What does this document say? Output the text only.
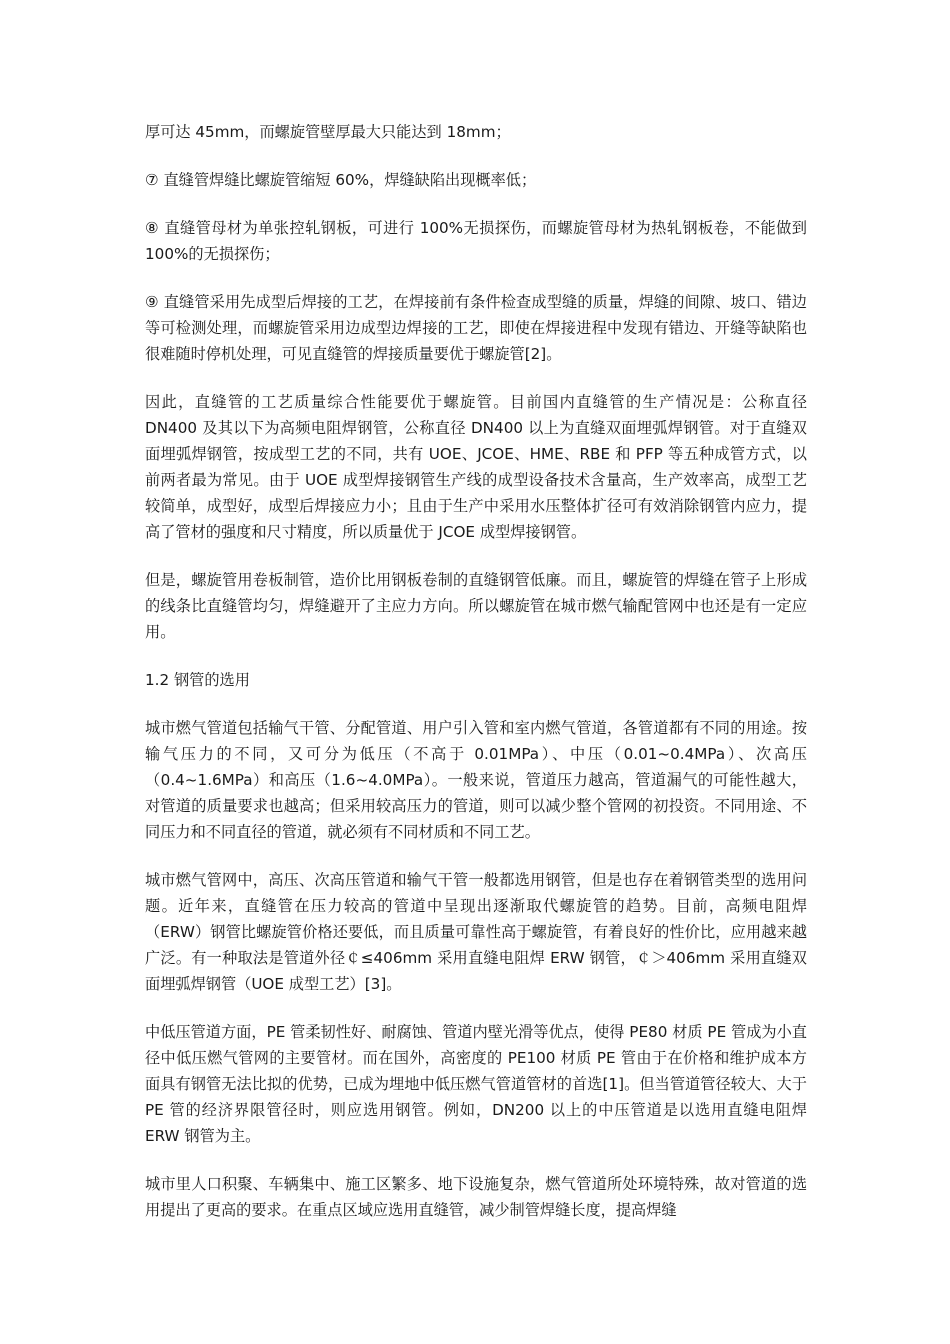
厚可达 45mm，而螺旋管壁厚最大只能达到 18mm；

⑦ 直缝管焊缝比螺旋管缩短 60%，焊缝缺陷出现概率低；

⑧ 直缝管母材为单张控轧钢板，可进行 100%无损探伤，而螺旋管母材为热轧钢板卷，不能做到 100%的无损探伤；

⑨ 直缝管采用先成型后焊接的工艺，在焊接前有条件检查成型缝的质量，焊缝的间隙、坡口、错边等可检测处理，而螺旋管采用边成型边焊接的工艺，即使在焊接进程中发现有错边、开缝等缺陷也很难随时停机处理，可见直缝管的焊接质量要优于螺旋管[2]。

因此，直缝管的工艺质量综合性能要优于螺旋管。目前国内直缝管的生产情况是：公称直径 DN400 及其以下为高频电阻焊钢管，公称直径 DN400 以上为直缝双面埋弧焊钢管。对于直缝双面埋弧焊钢管，按成型工艺的不同，共有 UOE、JCOE、HME、RBE 和 PFP 等五种成管方式，以前两者最为常见。由于 UOE 成型焊接钢管生产线的成型设备技术含量高，生产效率高，成型工艺较简单，成型好，成型后焊接应力小；且由于生产中采用水压整体扩径可有效消除钢管内应力，提高了管材的强度和尺寸精度，所以质量优于 JCOE 成型焊接钢管。

但是，螺旋管用卷板制管，造价比用钢板卷制的直缝钢管低廉。而且，螺旋管的焊缝在管子上形成的线条比直缝管均匀，焊缝避开了主应力方向。所以螺旋管在城市燃气输配管网中也还是有一定应用。

1.2 钢管的选用

城市燃气管道包括输气干管、分配管道、用户引入管和室内燃气管道，各管道都有不同的用途。按输气压力的不同，又可分为低压（不高于 0.01MPa）、中压（0.01~0.4MPa）、次高压（0.4~1.6MPa）和高压（1.6~4.0MPa）。一般来说，管道压力越高，管道漏气的可能性越大，对管道的质量要求也越高；但采用较高压力的管道，则可以减少整个管网的初投资。不同用途、不同压力和不同直径的管道，就必须有不同材质和不同工艺。

城市燃气管网中，高压、次高压管道和输气干管一般都选用钢管，但是也存在着钢管类型的选用问题。近年来，直缝管在压力较高的管道中呈现出逐渐取代螺旋管的趋势。目前，高频电阻焊（ERW）钢管比螺旋管价格还要低，而且质量可靠性高于螺旋管，有着良好的性价比，应用越来越广泛。有一种取法是管道外径￠≤406mm 采用直缝电阻焊 ERW 钢管，￠＞406mm 采用直缝双面埋弧焊钢管（UOE 成型工艺）[3]。

中低压管道方面，PE 管柔韧性好、耐腐蚀、管道内壁光滑等优点，使得 PE80 材质 PE 管成为小直径中低压燃气管网的主要管材。而在国外，高密度的 PE100 材质 PE 管由于在价格和维护成本方面具有钢管无法比拟的优势，已成为埋地中低压燃气管道管材的首选[1]。但当管道管径较大、大于 PE 管的经济界限管径时，则应选用钢管。例如，DN200 以上的中压管道是以选用直缝电阻焊 ERW 钢管为主。

城市里人口积聚、车辆集中、施工区繁多、地下设施复杂，燃气管道所处环境特殊，故对管道的选用提出了更高的要求。在重点区域应选用直缝管，减少制管焊缝长度，提高焊缝
